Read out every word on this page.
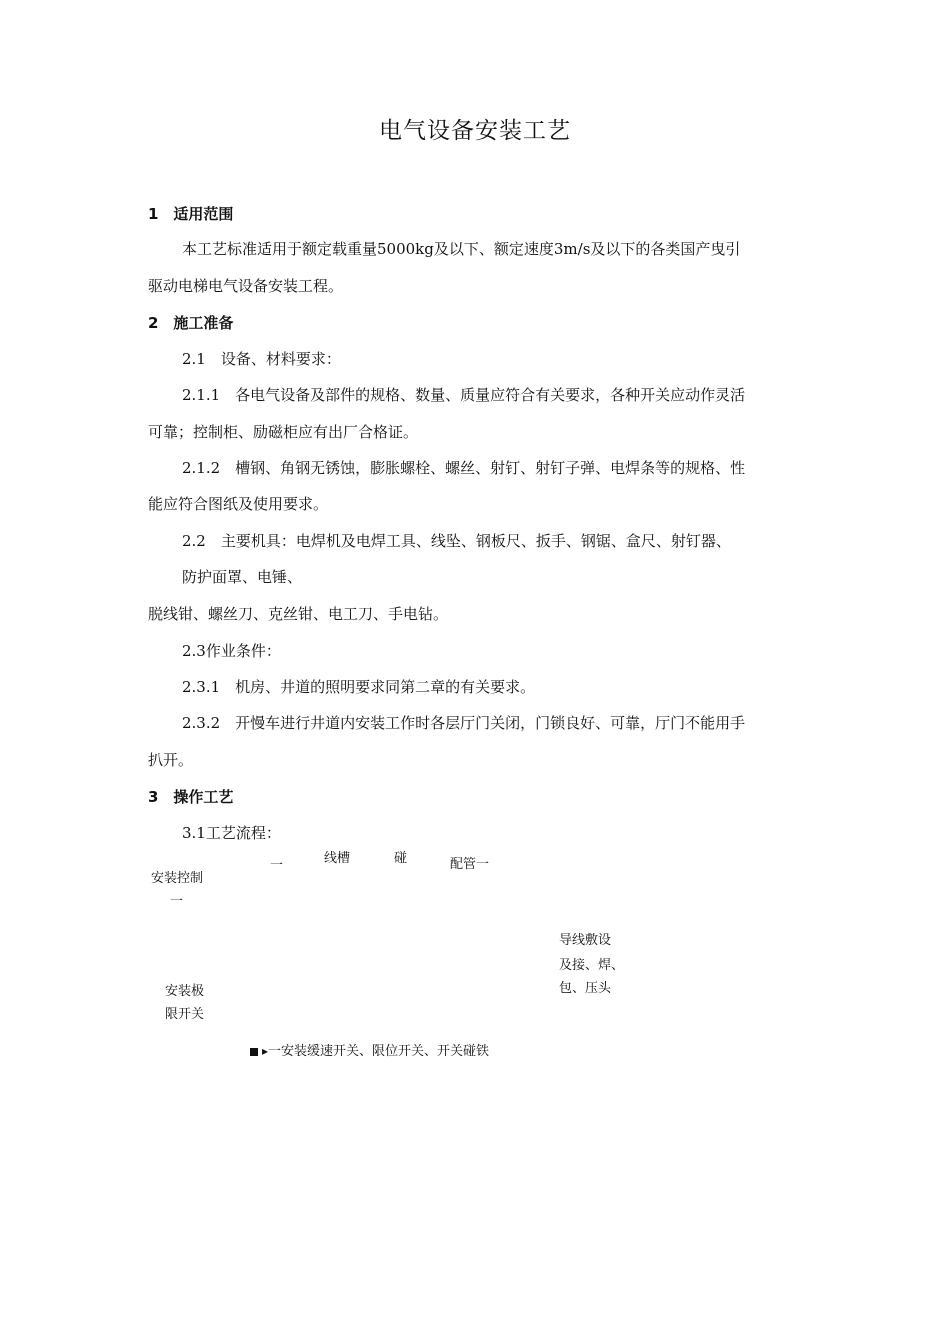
电气设备安装工艺
1　适用范围
本工艺标准适用于额定载重量5000kg及以下、额定速度3m/s及以下的各类国产曳引
驱动电梯电气设备安装工程。
2　施工准备
2.1　设备、材料要求：
2.1.1　各电气设备及部件的规格、数量、质量应符合有关要求，各种开关应动作灵活
可靠；控制柜、励磁柜应有出厂合格证。
2.1.2　槽钢、角钢无锈蚀，膨胀螺栓、螺丝、射钉、射钉子弹、电焊条等的规格、性
能应符合图纸及使用要求。
2.2　主要机具：电焊机及电焊工具、线坠、钢板尺、扳手、钢锯、盒尺、射钉器、
防护面罩、电锤、
脱线钳、螺丝刀、克丝钳、电工刀、手电钻。
2.3作业条件：
2.3.1　机房、井道的照明要求同第二章的有关要求。
2.3.2　开慢车进行井道内安装工作时各层厅门关闭，门锁良好、可靠，厅门不能用手
扒开。
3　操作工艺
3.1工艺流程：
一	线槽	碰	配管一
安装控制
一
导线敷设
及接、焊、
包、压头
安装极
限开关
▸一安装缓速开关、限位开关、开关碰铁
